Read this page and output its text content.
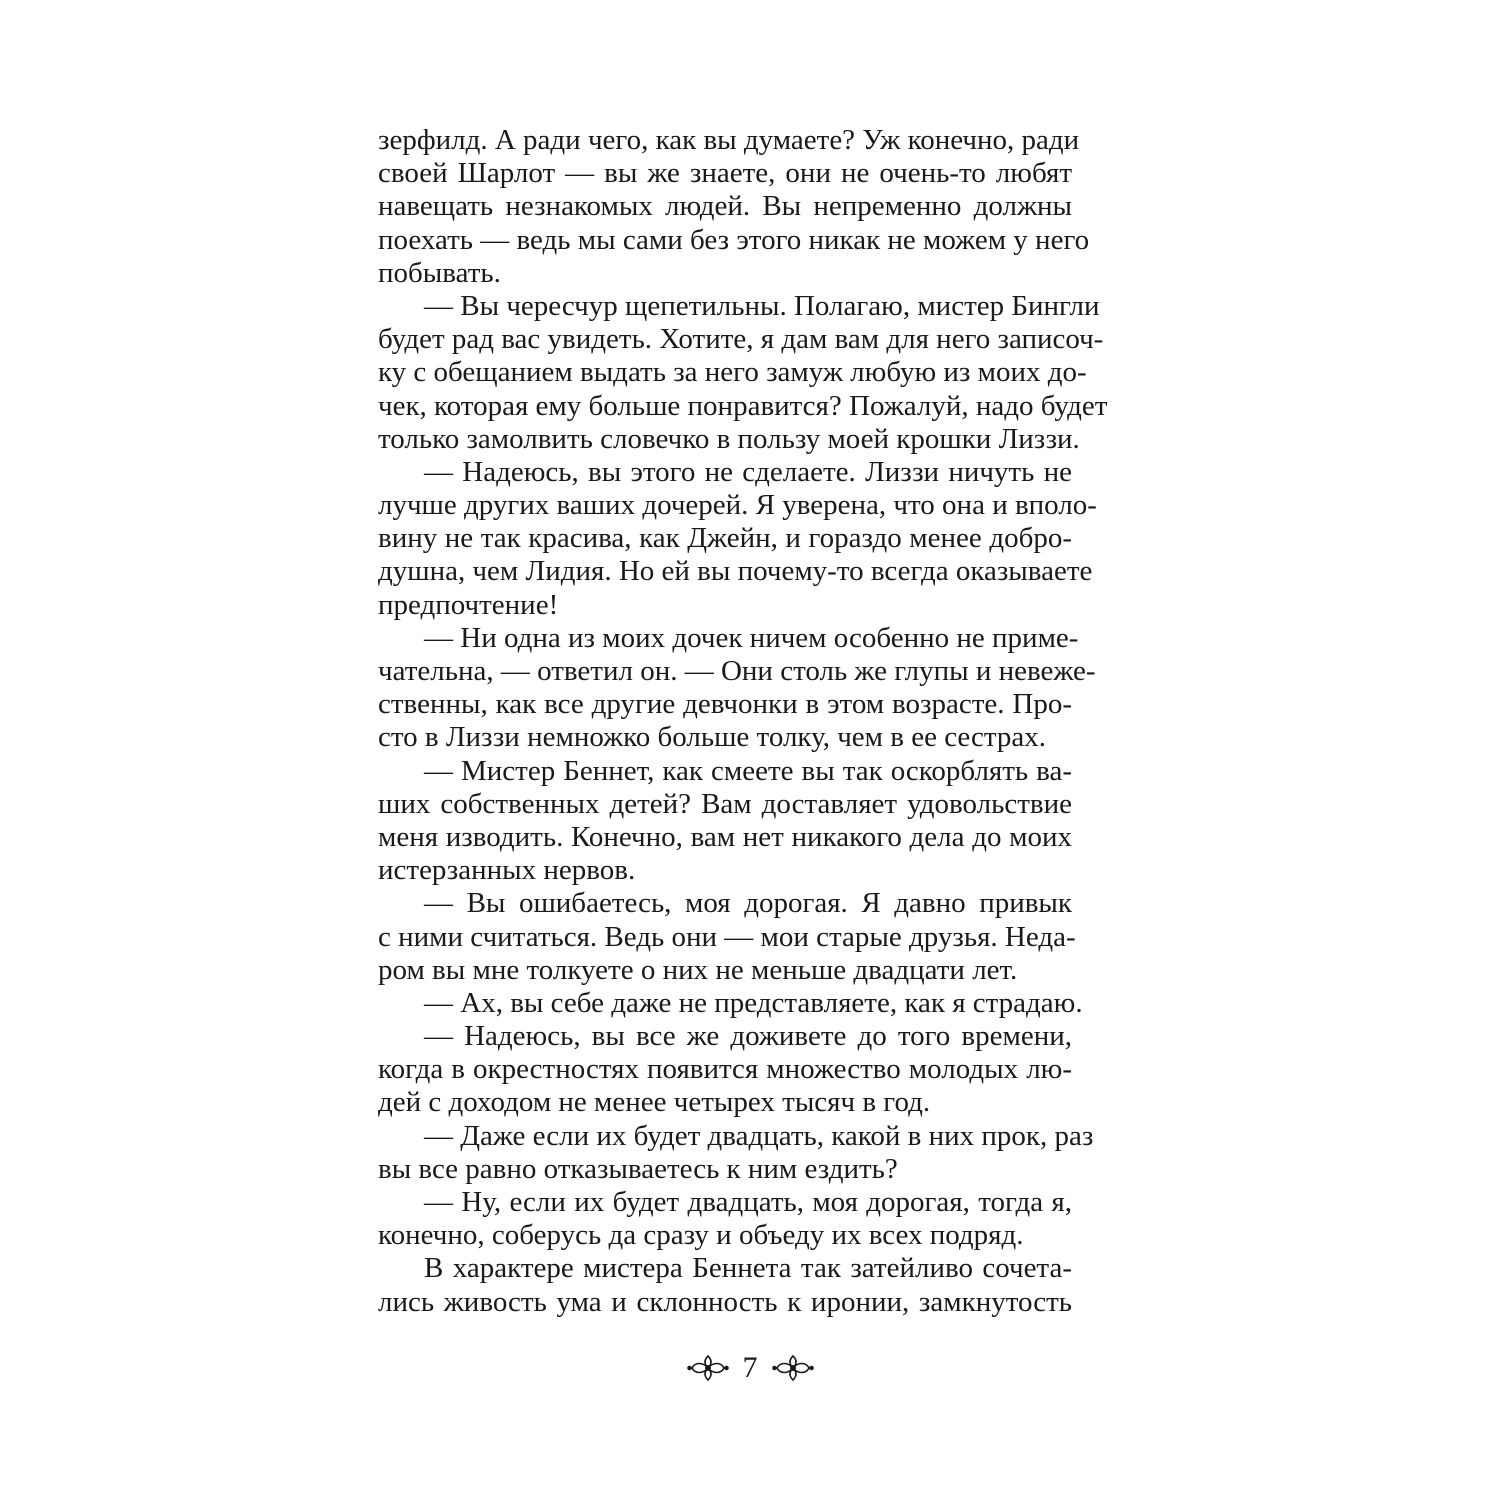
зерфилд. А ради чего, как вы думаете? Уж конечно, ради
своей Шарлот — вы же знаете, они не очень-то любят
навещать незнакомых людей. Вы непременно должны
поехать — ведь мы сами без этого никак не можем у него
побывать.
— Вы чересчур щепетильны. Полагаю, мистер Бингли
будет рад вас увидеть. Хотите, я дам вам для него записоч-
ку с обещанием выдать за него замуж любую из моих до-
чек, которая ему больше понравится? Пожалуй, надо будет
только замолвить словечко в пользу моей крошки Лиззи.
— Надеюсь, вы этого не сделаете. Лиззи ничуть не
лучше других ваших дочерей. Я уверена, что она и вполо-
вину не так красива, как Джейн, и гораздо менее добро-
душна, чем Лидия. Но ей вы почему-то всегда оказываете
предпочтение!
— Ни одна из моих дочек ничем особенно не приме-
чательна, — ответил он. — Они столь же глупы и невеже-
ственны, как все другие девчонки в этом возрасте. Про-
сто в Лиззи немножко больше толку, чем в ее сестрах.
— Мистер Беннет, как смеете вы так оскорблять ва-
ших собственных детей? Вам доставляет удовольствие
меня изводить. Конечно, вам нет никакого дела до моих
истерзанных нервов.
— Вы ошибаетесь, моя дорогая. Я давно привык
с ними считаться. Ведь они — мои старые друзья. Неда-
ром вы мне толкуете о них не меньше двадцати лет.
— Ах, вы себе даже не представляете, как я страдаю.
— Надеюсь, вы все же доживете до того времени,
когда в окрестностях появится множество молодых лю-
дей с доходом не менее четырех тысяч в год.
— Даже если их будет двадцать, какой в них прок, раз
вы все равно отказываетесь к ним ездить?
— Ну, если их будет двадцать, моя дорогая, тогда я,
конечно, соберусь да сразу и объеду их всех подряд.
В характере мистера Беннета так затейливо сочета-
лись живость ума и склонность к иронии, замкнутость
7
